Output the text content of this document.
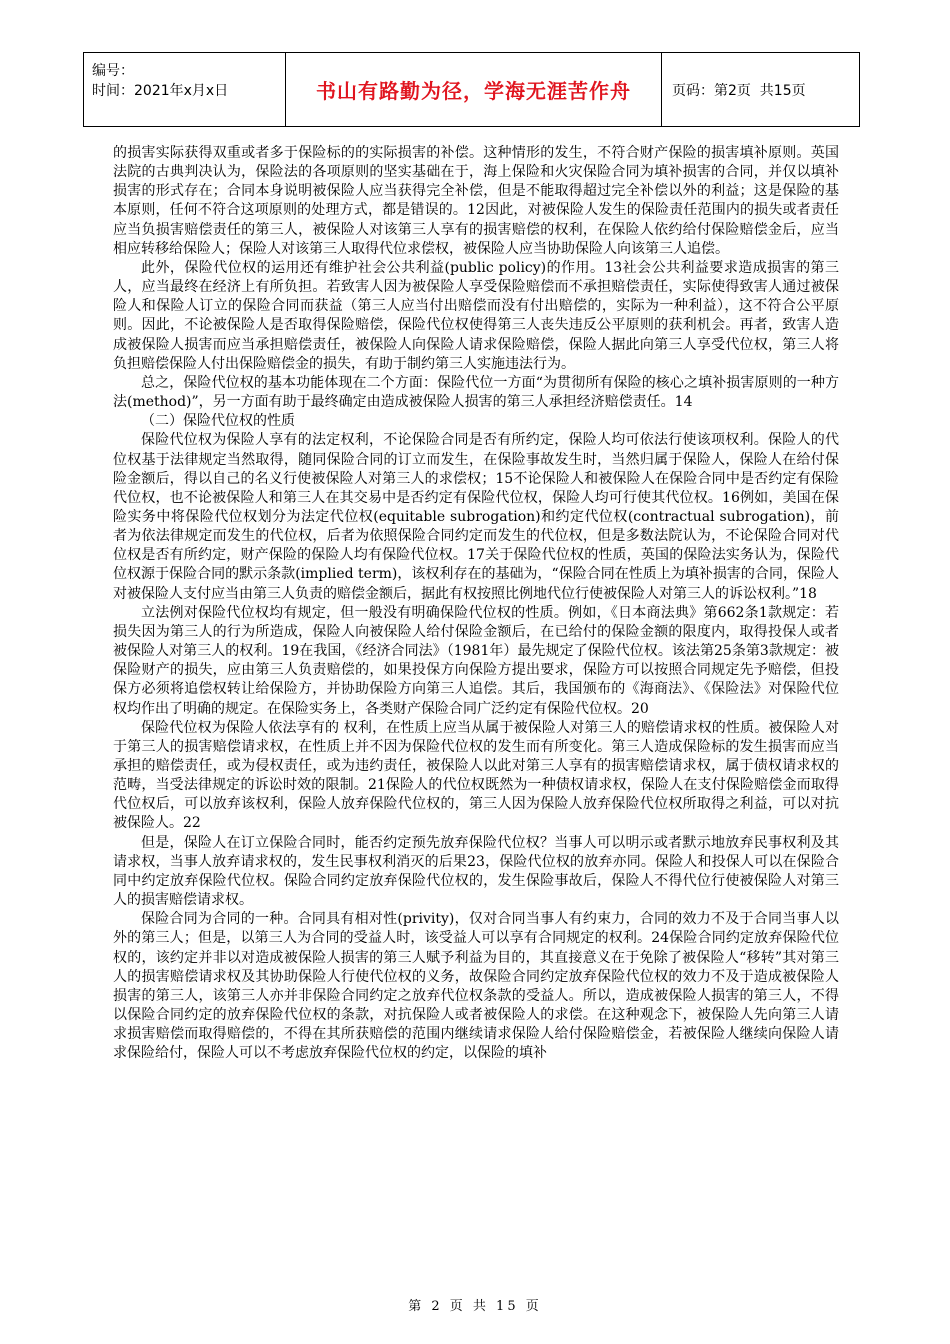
编号：
时间：2021年x月x日	书山有路勤为径，学海无涯苦作舟	页码：第2页  共15页

的损害实际获得双重或者多于保险标的的实际损害的补偿。这种情形的发生，不符合财产保险的损害填补原则。英国法院的古典判决认为，保险法的各项原则的坚实基础在于，海上保险和火灾保险合同为填补损害的合同，并仅以填补损害的形式存在；合同本身说明被保险人应当获得完全补偿，但是不能取得超过完全补偿以外的利益；这是保险的基本原则，任何不符合这项原则的处理方式，都是错误的。12因此，对被保险人发生的保险责任范围内的损失或者责任应当负损害赔偿责任的第三人，被保险人对该第三人享有的损害赔偿的权利，在保险人依约给付保险赔偿金后，应当相应转移给保险人；保险人对该第三人取得代位求偿权，被保险人应当协助保险人向该第三人追偿。

此外，保险代位权的运用还有维护社会公共利益(public policy)的作用。13社会公共利益要求造成损害的第三人，应当最终在经济上有所负担。若致害人因为被保险人享受保险赔偿而不承担赔偿责任，实际使得致害人通过被保险人和保险人订立的保险合同而获益（第三人应当付出赔偿而没有付出赔偿的，实际为一种利益），这不符合公平原则。因此，不论被保险人是否取得保险赔偿，保险代位权使得第三人丧失违反公平原则的获利机会。再者，致害人造成被保险人损害而应当承担赔偿责任，被保险人向保险人请求保险赔偿，保险人据此向第三人享受代位权，第三人将负担赔偿保险人付出保险赔偿金的损失，有助于制约第三人实施违法行为。

总之，保险代位权的基本功能体现在二个方面：保险代位一方面“为贯彻所有保险的核心之填补损害原则的一种方法(method)”，另一方面有助于最终确定由造成被保险人损害的第三人承担经济赔偿责任。14

（二）保险代位权的性质

保险代位权为保险人享有的法定权利，不论保险合同是否有所约定，保险人均可依法行使该项权利。保险人的代位权基于法律规定当然取得，随同保险合同的订立而发生，在保险事故发生时，当然归属于保险人，保险人在给付保险金额后，得以自己的名义行使被保险人对第三人的求偿权；15不论保险人和被保险人在保险合同中是否约定有保险代位权，也不论被保险人和第三人在其交易中是否约定有保险代位权，保险人均可行使其代位权。16例如，美国在保险实务中将保险代位权划分为法定代位权(equitable subrogation)和约定代位权(contractual subrogation)，前者为依法律规定而发生的代位权，后者为依照保险合同约定而发生的代位权，但是多数法院认为，不论保险合同对代位权是否有所约定，财产保险的保险人均有保险代位权。17关于保险代位权的性质，英国的保险法实务认为，保险代位权源于保险合同的默示条款(implied term)，该权利存在的基础为，“保险合同在性质上为填补损害的合同，保险人对被保险人支付应当由第三人负责的赔偿金额后，据此有权按照比例地代位行使被保险人对第三人的诉讼权利。”18

立法例对保险代位权均有规定，但一般没有明确保险代位权的性质。例如，《日本商法典》第662条1款规定：若损失因为第三人的行为所造成，保险人向被保险人给付保险金额后，在已给付的保险金额的限度内，取得投保人或者被保险人对第三人的权利。19在我国，《经济合同法》（1981年）最先规定了保险代位权。该法第25条第3款规定：被保险财产的损失，应由第三人负责赔偿的，如果投保方向保险方提出要求，保险方可以按照合同规定先予赔偿，但投保方必须将追偿权转让给保险方，并协助保险方向第三人追偿。其后，我国颁布的《海商法》、《保险法》对保险代位权均作出了明确的规定。在保险实务上，各类财产保险合同广泛约定有保险代位权。20

保险代位权为保险人依法享有的 权利，在性质上应当从属于被保险人对第三人的赔偿请求权的性质。被保险人对于第三人的损害赔偿请求权，在性质上并不因为保险代位权的发生而有所变化。第三人造成保险标的发生损害而应当承担的赔偿责任，或为侵权责任，或为违约责任，被保险人以此对第三人享有的损害赔偿请求权，属于债权请求权的范畴，当受法律规定的诉讼时效的限制。21保险人的代位权既然为一种债权请求权，保险人在支付保险赔偿金而取得代位权后，可以放弃该权利，保险人放弃保险代位权的，第三人因为保险人放弃保险代位权所取得之利益，可以对抗被保险人。22

但是，保险人在订立保险合同时，能否约定预先放弃保险代位权？当事人可以明示或者默示地放弃民事权利及其请求权，当事人放弃请求权的，发生民事权利消灭的后果23，保险代位权的放弃亦同。保险人和投保人可以在保险合同中约定放弃保险代位权。保险合同约定放弃保险代位权的，发生保险事故后，保险人不得代位行使被保险人对第三人的损害赔偿请求权。

保险合同为合同的一种。合同具有相对性(privity)，仅对合同当事人有约束力，合同的效力不及于合同当事人以外的第三人；但是，以第三人为合同的受益人时，该受益人可以享有合同规定的权利。24保险合同约定放弃保险代位权的，该约定并非以对造成被保险人损害的第三人赋予利益为目的，其直接意义在于免除了被保险人“移转”其对第三人的损害赔偿请求权及其协助保险人行使代位权的义务，故保险合同约定放弃保险代位权的效力不及于造成被保险人损害的第三人，该第三人亦并非保险合同约定之放弃代位权条款的受益人。所以，造成被保险人损害的第三人，不得以保险合同约定的放弃保险代位权的条款，对抗保险人或者被保险人的求偿。在这种观念下，被保险人先向第三人请求损害赔偿而取得赔偿的，不得在其所获赔偿的范围内继续请求保险人给付保险赔偿金，若被保险人继续向保险人请求保险给付，保险人可以不考虑放弃保险代位权的约定，以保险的填补

第 2 页 共 15 页
